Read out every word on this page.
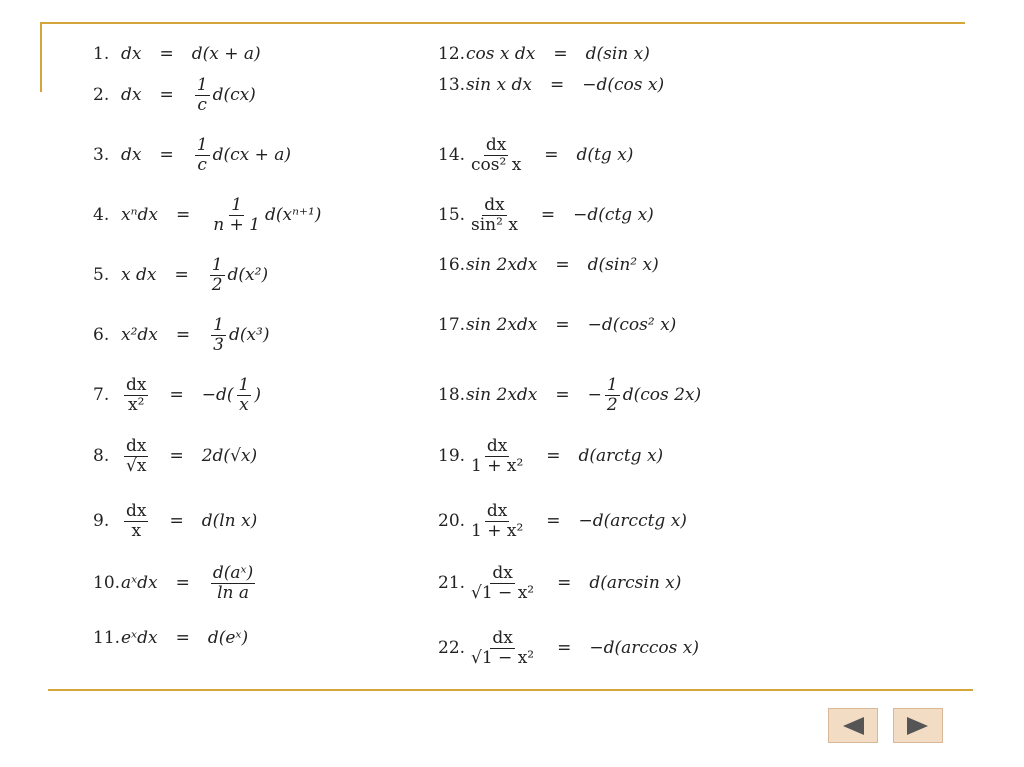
1. dx = d(x + a)
2. dx = $\frac{1}{c} d(cx)$
3. dx = $\frac{1}{c} d(cx + a)$
4. $x^ndx = \frac{1}{n + 1} d(x^{n+1})$
5. x dx = $\frac{1}{2} d(x^2)$
6. $x^2dx = \frac{1}{3} d(x^3)$
7. $\frac{dx}{\text{x²}} = -d( \frac{1}{x}$ )
8. $\frac{dx}{√x} = 2d(√x)$
9. $\frac{dx}{x} = d(\ln$ x)
10. aˣdx = $\frac{\text{d(aˣ)}}{\text{ln a}}$
11. eˣdx = d(eˣ)
12. cos x dx = d(sin x)
13. sin x dx = −d(cos x)
14. $\frac{dx}{\text{cos² x}} = d(tg$ x)
15. $\frac{dx}{\text{sin² x}} = -d(ctg$ x)
16. sin 2xdx = d(sin² x)
17. sin 2xdx = −d(cos² x)
18. sin 2xdx = − $\frac{1}{2} d(\cos$ 2x)
19. $\frac{dx}{\text{1 + x²}}$ = d(arctg x)
20. $\frac{dx}{\text{1 + x²}}$ = −d(arcctg x)
21. $\frac{dx}{\text{√1 − x²}} = d(\arcsin$ x)
22. $\frac{dx}{\text{√1 − x²}} = -d(\arccos$ x)
